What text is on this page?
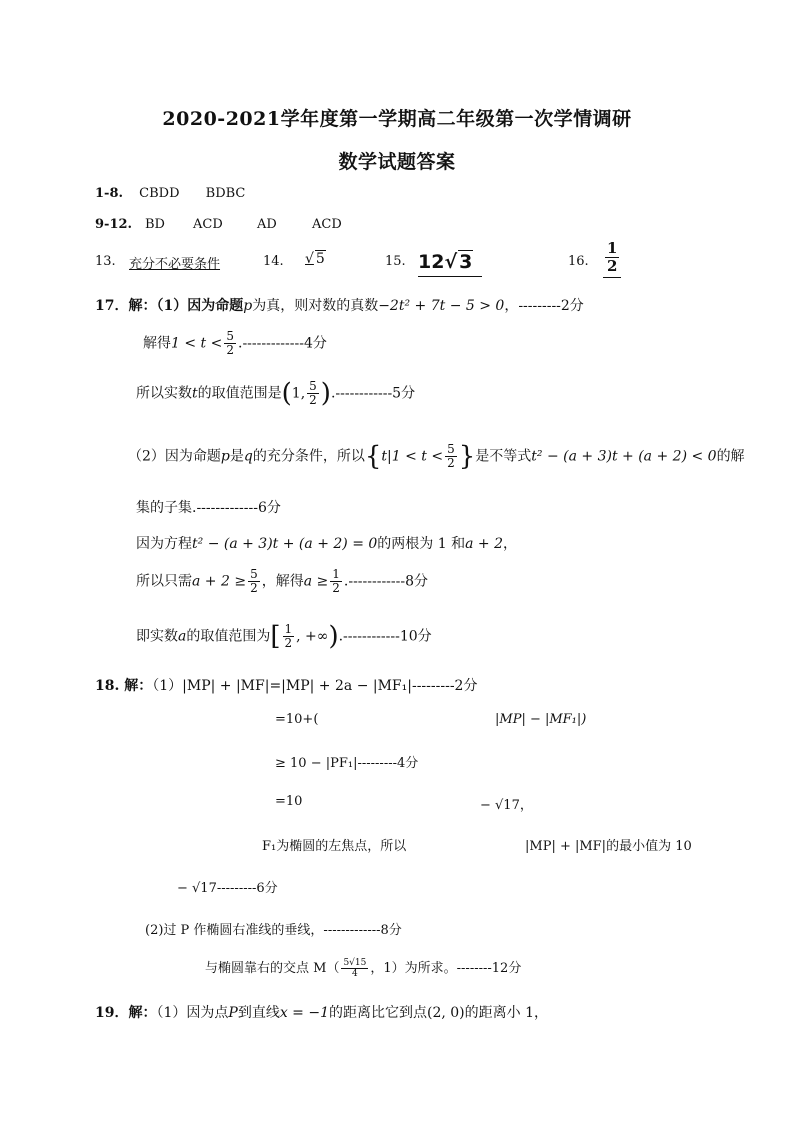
2020-2021学年度第一学期高二年级第一次学情调研
数学试题答案
1-8. CBDD BDBC
9-12. BD ACD	AD	ACD
13. 充分不必要条件	14. √ 5	15. 12√ 3	16. $\frac{1}{2}$
17．解：（1）因为命题p为真，则对数的真数−2t² + 7t − 5 > 0，---------2分
解得$1 < t < \frac{5}{2} .-------------4$分
所以实数t的取值范围是(1, $\frac{5}{2} ).------------5$分
（2）因为命题p是q的充分条件，所以{$t|1 < t < \frac{5}{2}$ }是不等式t² − (a + 3)t + (a + 2) < 0的解
集的子集.-------------6分
因为方程t² − (a + 3)t + (a + 2) = 0的两根为 1 和a + 2，
所以只需$a + 2 \ge \frac{5}{2}$ ，解得$a \ge \frac{1}{2} .------------8$分
即实数a的取值范围为[ $\frac{1}{2}$ , +∞).------------10分
18. 解：（1）|MP| + |MF|=|MP| + 2a − |MF₁|---------2分
=10+(	|MP| − |MF₁|)
≥ 10 − |PF₁|---------4分
=10	− √17，
F₁为椭圆的左焦点，所以	|MP| + |MF|的最小值为 10
− √17---------6分
(2)过 P 作椭圆右准线的垂线，-------------8分
与椭圆靠右的交点 $M( \frac{5√15}{4}$ ，1）为所求。--------12分
19．解：（1）因为点P到直线x = −1的距离比它到点(2, 0)的距离小 1，
